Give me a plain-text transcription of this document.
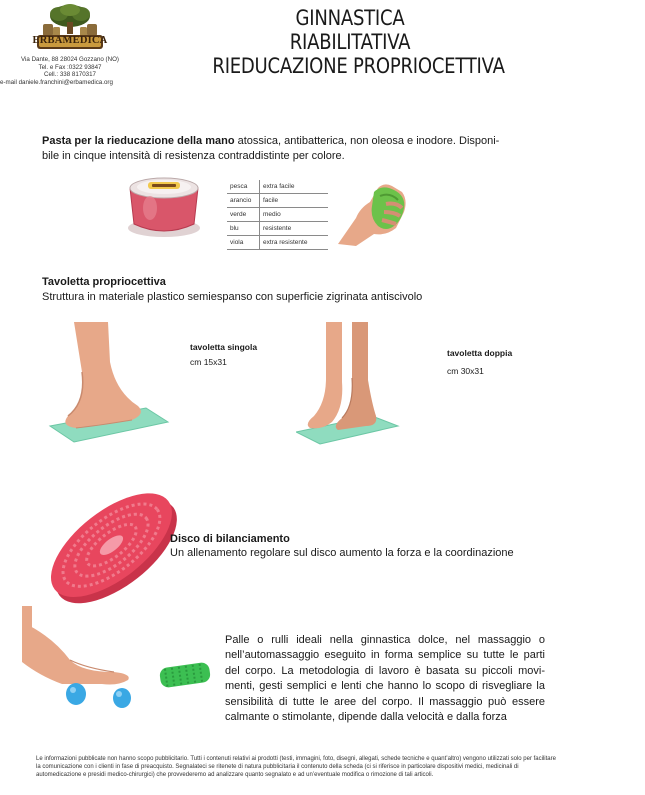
ERBAMEDICA
Via Dante, 88 28024 Gozzano (NO)
Tel. e Fax :0322 93847
Cell.: 338 8170317
e-mail daniele.franchini@erbamedica.org
GINNASTICA
RIABILITATIVA
RIEDUCAZIONE PROPRIOCETTIVA
Pasta per la rieducazione della mano atossica, antibatterica, non oleosa e inodore. Disponi- bile in cinque intensità di resistenza contraddistinte per colore.
pesca	extra facile
arancio	facile
verde	medio
blu	resistente
viola	extra resistente
Tavoletta propriocettiva
Struttura in materiale plastico semiespanso con superficie zigrinata antiscivolo
tavoletta singola
cm 15x31
tavoletta doppia
cm 30x31
Disco di bilanciamento
Un allenamento regolare sul disco aumento la forza e la coordinazione
Palle o rulli ideali nella ginnastica dolce, nel massaggio o nell’automassaggio eseguito in forma semplice su tutte le parti del corpo. La metodologia di lavoro è basata su piccoli movi- menti, gesti semplici e lenti che hanno lo scopo di risvegliare la sensibilità di tutte le aree del corpo. Il massaggio può essere calmante o stimolante, dipende dalla velocità e dalla forza
Le informazioni pubblicate non hanno scopo pubblicitario. Tutti i contenuti relativi ai prodotti (testi, immagini, foto, disegni, allegati, schede tecniche e quant’altro) vengono utilizzati solo per facilitare la comunicazione con i clienti in fase di preacquisto. Segnalateci se ritenete di natura pubblicitaria il contenuto della scheda (ci si riferisce in particolare dispositivi medici, medicinali di automedicazione e presidi medico-chirurgici) che provvederemo ad analizzare quanto segnalato e ad un’eventuale modifica o rimozione di tali articoli.
